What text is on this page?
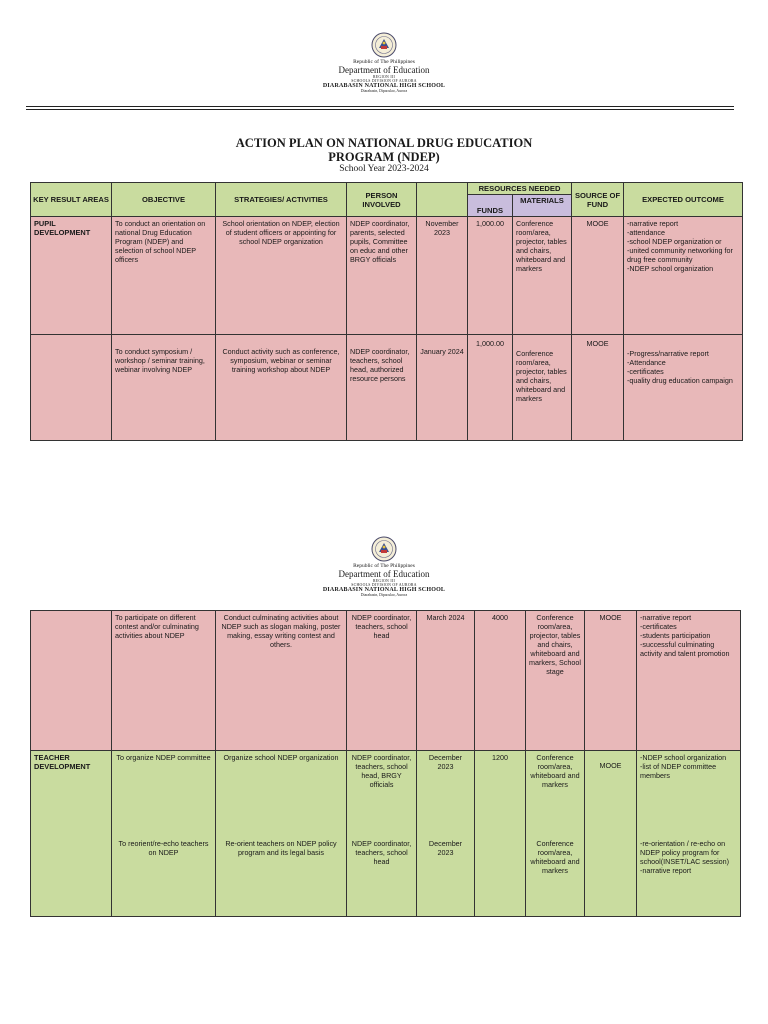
Republic of The Philippines
Department of Education
REGION III
SCHOOLS DIVISION OF AURORA
DIARABASIN NATIONAL HIGH SCHOOL
Diarabasin, Dipaculao, Aurora
ACTION PLAN ON NATIONAL DRUG EDUCATION
PROGRAM (NDEP)
School Year 2023-2024
KEY RESULT AREAS	OBJECTIVE	STRATEGIES/ ACTIVITIES	PERSON INVOLVED		RESOURCES NEEDED		SOURCE OF FUND	EXPECTED OUTCOME
					FUNDS	MATERIALS		
PUPIL DEVELOPMENT	To conduct an orientation on national Drug Education Program (NDEP) and selection of school NDEP officers	School orientation on NDEP, election of student officers or appointing for school NDEP organization	NDEP coordinator, parents, selected pupils, Committee on educ and other BRGY officials	November 2023	1,000.00	Conference room/area, projector, tables and chairs, whiteboard and markers	MOOE	-narrative report
-attendance
-school NDEP organization or
-united community networking for drug free community
-NDEP school organization
	To conduct symposium / workshop / seminar training, webinar involving NDEP	Conduct activity such as conference, symposium, webinar or seminar training workshop about NDEP	NDEP coordinator, teachers, school head, authorized resource persons	January 2024	1,000.00	Conference room/area, projector, tables and chairs, whiteboard and markers	MOOE	-Progress/narrative report
-Attendance
-certificates
-quality drug education campaign
Republic of The Philippines
Department of Education
REGION III
SCHOOLS DIVISION OF AURORA
DIARABASIN NATIONAL HIGH SCHOOL
Diarabasin, Dipaculao, Aurora
	To participate on different contest and/or culminating activities about NDEP	Conduct culminating activities about NDEP such as slogan making, poster making, essay writing contest and others.	NDEP coordinator, teachers, school head	March 2024	4000	Conference room/area, projector, tables and chairs, whiteboard and markers, School stage	MOOE	-narrative report
-certificates
-students participation
-successful culminating activity and talent promotion
TEACHER DEVELOPMENT	To organize NDEP committee	Organize school NDEP organization	NDEP coordinator, teachers, school head, BRGY officials	December 2023	1200	Conference room/area, whiteboard and markers	MOOE	-NDEP school organization
-list of NDEP committee members
	To reorient/re-echo teachers on NDEP	Re-orient teachers on NDEP policy program and its legal basis	NDEP coordinator, teachers, school head	December 2023		Conference room/area, whiteboard and markers		-re-orientation / re-echo on NDEP policy program for school(INSET/LAC session)
-narrative report
